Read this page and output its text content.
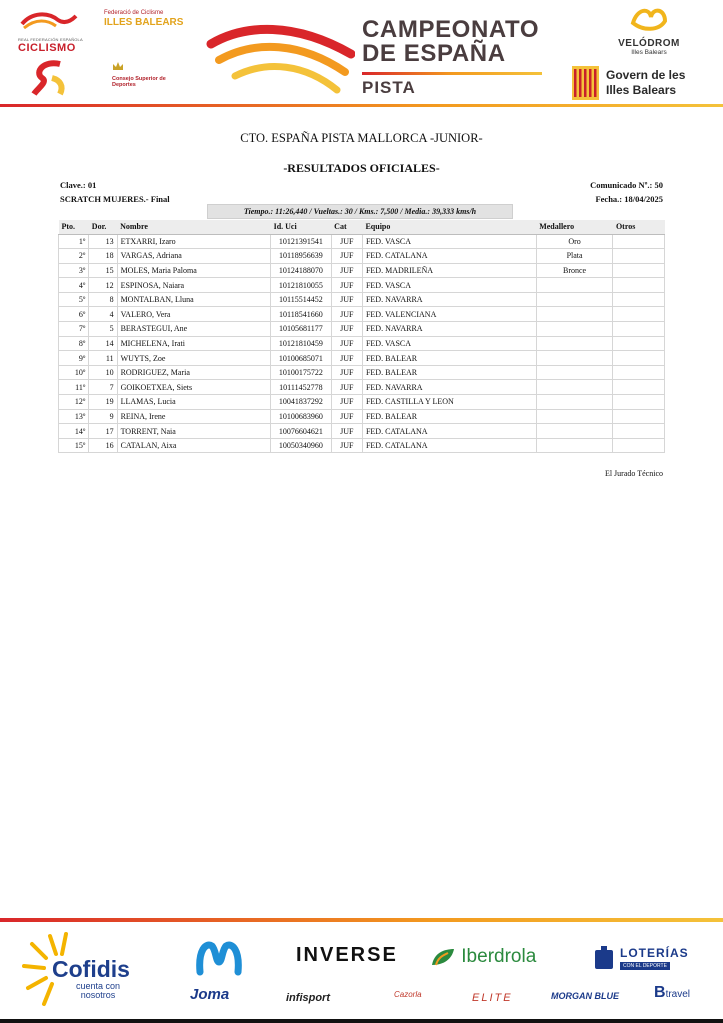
REAL FEDERACIÓN ESPAÑOLA
CICLISMO
Federació de Ciclisme
ILLES BALEARS
Consejo Superior de Deportes
CAMPEONATO
DE ESPAÑA
PISTA
VELÓDROM
Illes Balears
Govern de les
Illes Balears
CTO. ESPAÑA PISTA MALLORCA -JUNIOR-
-RESULTADOS OFICIALES-
Clave.: 01
SCRATCH MUJERES.- Final
Comunicado Nº.: 50
Fecha.: 18/04/2025
Tiempo.: 11:26,440 / Vueltas.: 30 / Kms.: 7,500 / Media.: 39,333 kms/h
Pto.	Dor.	Nombre	Id. Uci	Cat	Equipo	Medallero	Otros
1º	13	ETXARRI, Izaro	10121391541	JUF	FED. VASCA	Oro	
2º	18	VARGAS, Adriana	10118956639	JUF	FED. CATALANA	Plata	
3º	15	MOLES, Maria Paloma	10124188070	JUF	FED. MADRILEÑA	Bronce	
4º	12	ESPINOSA, Naiara	10121810055	JUF	FED. VASCA		
5º	8	MONTALBAN, Lluna	10115514452	JUF	FED. NAVARRA		
6º	4	VALERO, Vera	10118541660	JUF	FED. VALENCIANA		
7º	5	BERASTEGUI, Ane	10105681177	JUF	FED. NAVARRA		
8º	14	MICHELENA, Irati	10121810459	JUF	FED. VASCA		
9º	11	WUYTS, Zoe	10100685071	JUF	FED. BALEAR		
10º	10	RODRIGUEZ, Maria	10100175722	JUF	FED. BALEAR		
11º	7	GOIKOETXEA, Siets	10111452778	JUF	FED. NAVARRA		
12º	19	LLAMAS, Lucia	10041837292	JUF	FED. CASTILLA Y LEON		
13º	9	REINA, Irene	10100683960	JUF	FED. BALEAR		
14º	17	TORRENT, Naia	10076604621	JUF	FED. CATALANA		
15º	16	CATALAN, Aixa	10050340960	JUF	FED. CATALANA		
El Jurado Técnico
Cofidis
cuenta con
nosotros	Joma
INVERSE
infisport
Iberdrola
Cazorla	ELITE	MORGAN BLUE
LOTERÍAS
CON EL DEPORTE
Btravel
